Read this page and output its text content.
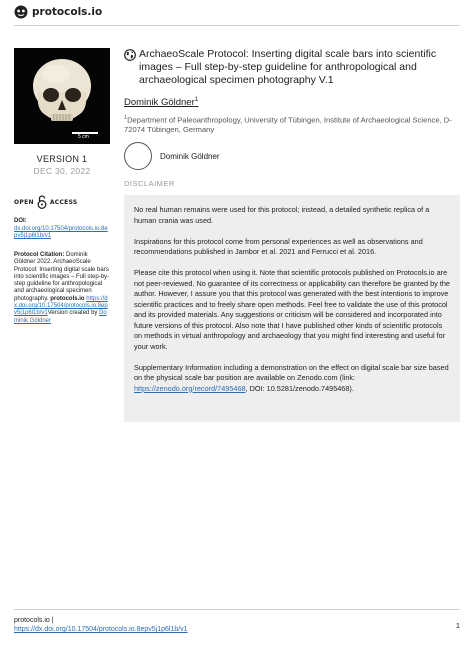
protocols.io
5 cm
VERSION 1
DEC 30, 2022
OPEN	ACCESS
DOI:
dx.doi.org/10.17504/protocols.io.8epv5j1p6l1b/v1
Protocol Citation: Dominik Göldner 2022. ArchaeoScale Protocol: Inserting digital scale bars into scientific images – Full step-by-step guideline for anthropological and archaeological specimen photography. protocols.io https://dx.doi.org/10.17504/protocols.io.8epv5j1p6l1b/v1Version created by Dominik Göldner
ArchaeoScale Protocol: Inserting digital scale bars into scientific images – Full step-by-step guideline for anthropological and archaeological specimen photography V.1
Dominik Göldner$^1$
$^1$Department of Paleoanthropology, University of Tübingen, Institute of Archaeological Science, D-72074 Tübingen, Germany
Dominik Göldner
DISCLAIMER

No real human remains were used for this protocol; instead, a detailed synthetic replica of a human crania was used.

Inspirations for this protocol come from personal experiences as well as observations and recommendations published in Jambor et al. 2021 and Ferrucci et al. 2016.

Please cite this protocol when using it. Note that scientific protocols published on Protocols.io are not peer-reviewed. No guarantee of its correctness or applicability can therefore be granted by the author. However, I assure you that this protocol was generated with the best intentions to improve scientific practices and to freely share open methods. Feel free to validate the use of this protocol and its provided materials. Any suggestions or criticism will be considered and incorporated into future versions of this protocol. Also note that I have published other kinds of scientific protocols on methods in virtual anthropology and archaeology that you might find interesting and useful for your work.

Supplementary Information including a demonstration on the effect on digital scale bar size based on the physical scale bar position are available on Zenodo.com (link: https://zenodo.org/record/7495468, DOI: 10.5281/zenodo.7495468).

protocols.io |
https://dx.doi.org/10.17504/protocols.io.8epv5j1p6l1b/v1	1
